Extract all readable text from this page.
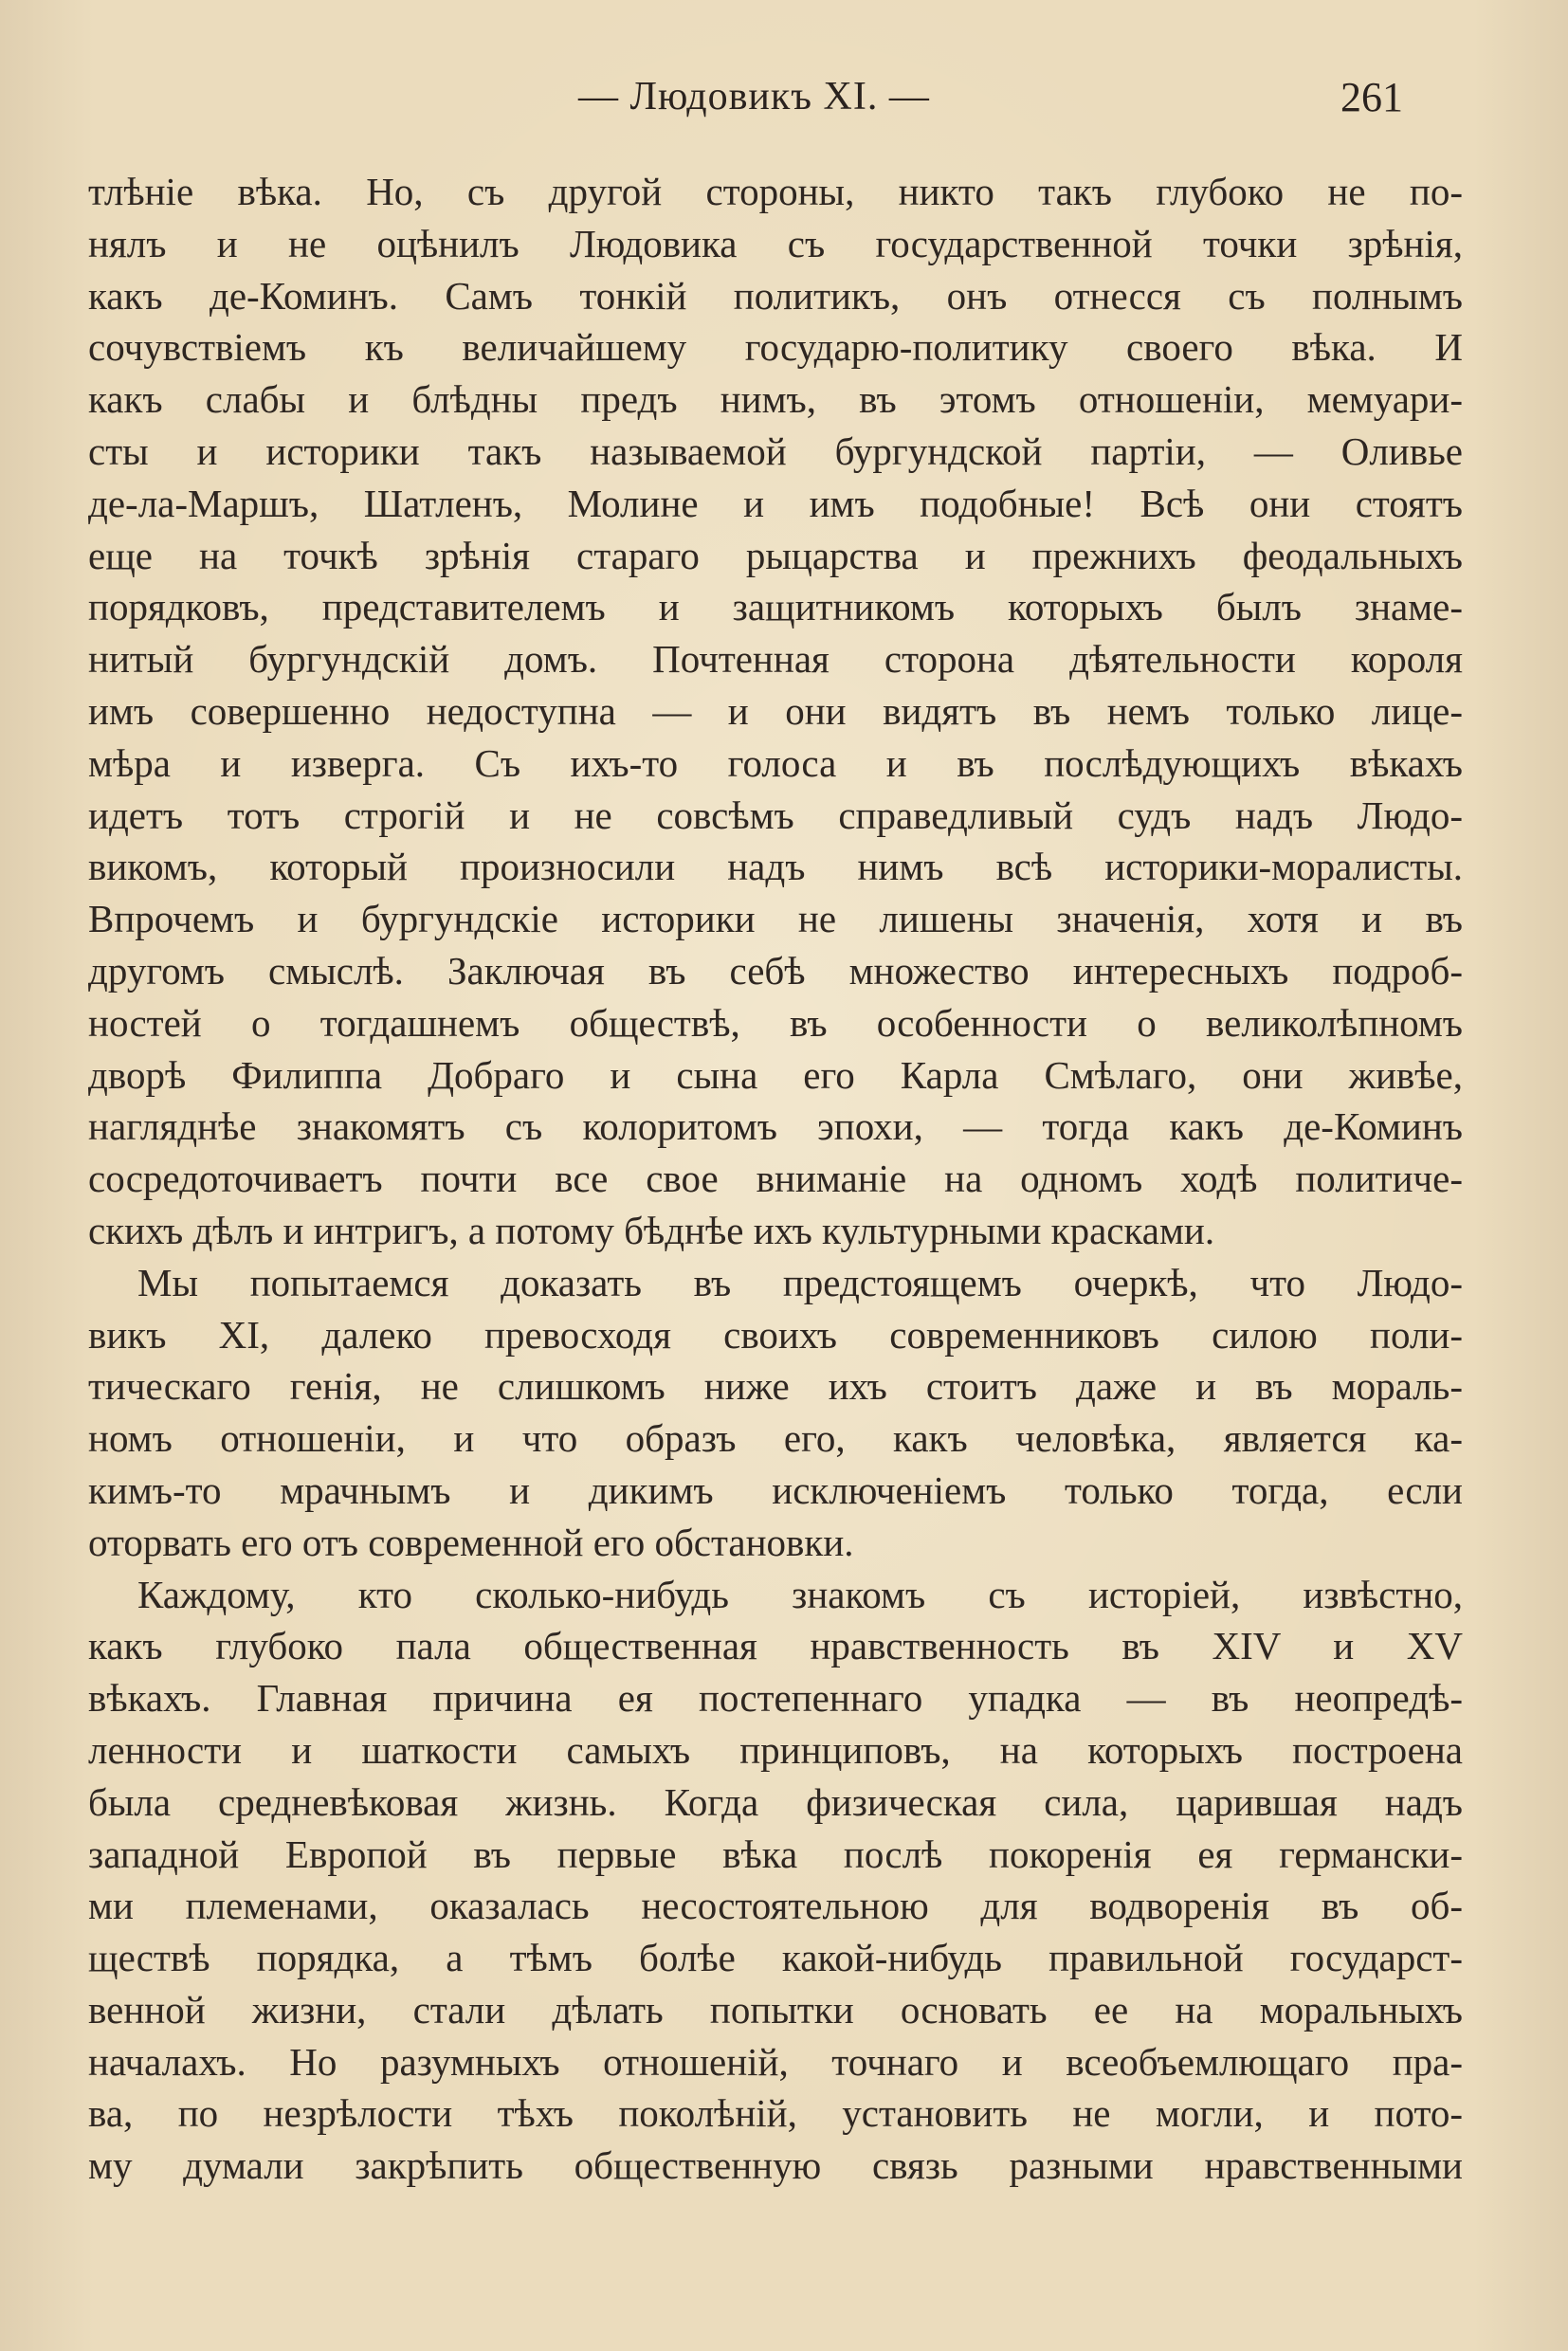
— Людовикъ XI. —	261
тлѣніе вѣка. Но, съ другой стороны, никто такъ глубоко не по-
нялъ и не оцѣнилъ Людовика съ государственной точки зрѣнія,
какъ де-Коминъ. Самъ тонкій политикъ, онъ отнесся съ полнымъ
сочувствіемъ къ величайшему государю-политику своего вѣка. И
какъ слабы и блѣдны предъ нимъ, въ этомъ отношеніи, мемуари-
сты и историки такъ называемой бургундской партіи, — Оливье
де-ла-Маршъ, Шатленъ, Молине и имъ подобные! Всѣ они стоятъ
еще на точкѣ зрѣнія стараго рыцарства и прежнихъ феодальныхъ
порядковъ, представителемъ и защитникомъ которыхъ былъ знаме-
нитый бургундскій домъ. Почтенная сторона дѣятельности короля
имъ совершенно недоступна — и они видятъ въ немъ только лице-
мѣра и изверга. Съ ихъ-то голоса и въ послѣдующихъ вѣкахъ
идетъ тотъ строгій и не совсѣмъ справедливый судъ надъ Людо-
викомъ, который произносили надъ нимъ всѣ историки-моралисты.
Впрочемъ и бургундскіе историки не лишены значенія, хотя и въ
другомъ смыслѣ. Заключая въ себѣ множество интересныхъ подроб-
ностей о тогдашнемъ обществѣ, въ особенности о великолѣпномъ
дворѣ Филиппа Добраго и сына его Карла Смѣлаго, они живѣе,
нагляднѣе знакомятъ съ колоритомъ эпохи, — тогда какъ де-Коминъ
сосредоточиваетъ почти все свое вниманіе на одномъ ходѣ политиче-
скихъ дѣлъ и интригъ, а потому бѣднѣе ихъ культурными красками.
Мы попытаемся доказать въ предстоящемъ очеркѣ, что Людо-
викъ XI, далеко превосходя своихъ современниковъ силою поли-
тическаго генія, не слишкомъ ниже ихъ стоитъ даже и въ мораль-
номъ отношеніи, и что образъ его, какъ человѣка, является ка-
кимъ-то мрачнымъ и дикимъ исключеніемъ только тогда, если
оторвать его отъ современной его обстановки.
Каждому, кто сколько-нибудь знакомъ съ исторіей, извѣстно,
какъ глубоко пала общественная нравственность въ XIV и XV
вѣкахъ. Главная причина ея постепеннаго упадка — въ неопредѣ-
ленности и шаткости самыхъ принциповъ, на которыхъ построена
была средневѣковая жизнь. Когда физическая сила, царившая надъ
западной Европой въ первые вѣка послѣ покоренія ея германски-
ми племенами, оказалась несостоятельною для водворенія въ об-
ществѣ порядка, а тѣмъ болѣе какой-нибудь правильной государст-
венной жизни, стали дѣлать попытки основать ее на моральныхъ
началахъ. Но разумныхъ отношеній, точнаго и всеобъемлющаго пра-
ва, по незрѣлости тѣхъ поколѣній, установить не могли, и пото-
му думали закрѣпить общественную связь разными нравственными
